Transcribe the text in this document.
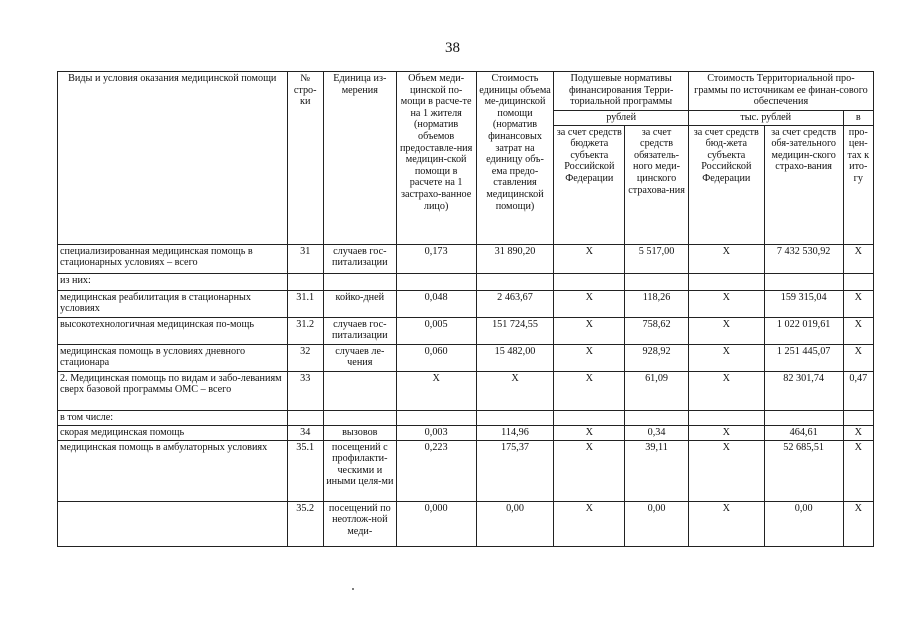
38
Виды и условия оказания медицинской помощи	№ стро-ки	Единица из-мерения	Объем меди-цинской по-мощи в расче-те на 1 жителя (норматив объемов предоставле-ния медицин-ской помощи в расчете на 1 застрахо-ванное лицо)	Стоимость единицы объема ме-дицинской помощи (норматив финансовых затрат на единицу объ-ема предо-ставления медицинской помощи)	Подушевые нормативы финансирования Терри-ториальной программы		Стоимость Территориальной про-граммы по источникам ее финан-сового обеспечения		
					рублей		тыс. рублей		в
					за счет средств бюджета субъекта Российской Федерации	за счет средств обязатель-ного меди-цинского страхова-ния	за счет средств бюд-жета субъекта Российской Федерации	за счет средств обя-зательного медицин-ского страхо-вания	про-цен-тах к ито-гу
специализированная медицинская помощь в стационарных условиях – всего	31	случаев гос-питализации	0,173	31 890,20	Х	5 517,00	Х	7 432 530,92	Х
из них:									
медицинская реабилитация в стационарных условиях	31.1	койко-дней	0,048	2 463,67	Х	118,26	Х	159 315,04	Х
высокотехнологичная медицинская по-мощь	31.2	случаев гос-питализации	0,005	151 724,55	Х	758,62	Х	1 022 019,61	Х
медицинская помощь в условиях дневного стационара	32	случаев ле-чения	0,060	15 482,00	Х	928,92	Х	1 251 445,07	Х
2. Медицинская помощь по видам и забо-леваниям сверх базовой программы ОМС – всего	33		Х	Х	Х	61,09	Х	82 301,74	0,47
в том числе:									
скорая медицинская помощь	34	вызовов	0,003	114,96	Х	0,34	Х	464,61	Х
медицинская помощь в амбулаторных условиях	35.1	посещений с профилакти-ческими и иными целя-ми	0,223	175,37	Х	39,11	Х	52 685,51	Х
	35.2	посещений по неотлож-ной меди-	0,000	0,00	Х	0,00	Х	0,00	Х
